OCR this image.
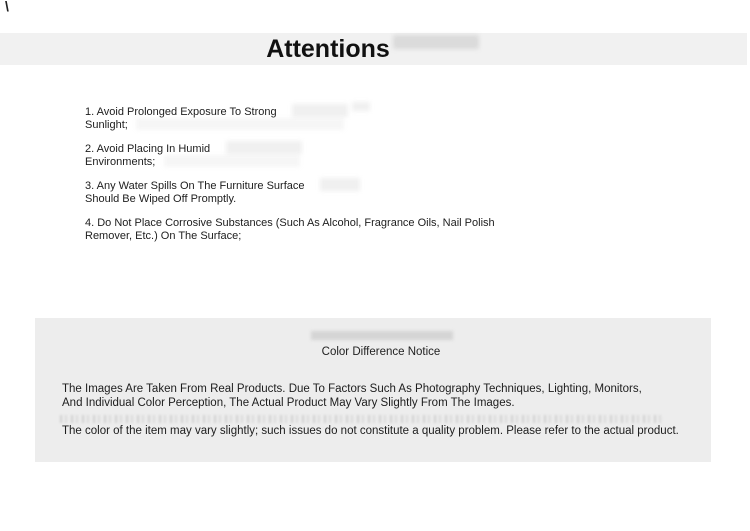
\
Attentions
1. Avoid Prolonged Exposure To Strong
Sunlight;
2. Avoid Placing In Humid
Environments;
3. Any Water Spills On The Furniture Surface
Should Be Wiped Off Promptly.
4. Do Not Place Corrosive Substances (Such As Alcohol, Fragrance Oils, Nail Polish
Remover, Etc.) On The Surface;
Color Difference Notice
The Images Are Taken From Real Products. Due To Factors Such As Photography Techniques, Lighting, Monitors,
And Individual Color Perception, The Actual Product May Vary Slightly From The Images.
The color of the item may vary slightly; such issues do not constitute a quality problem. Please refer to the actual product.
